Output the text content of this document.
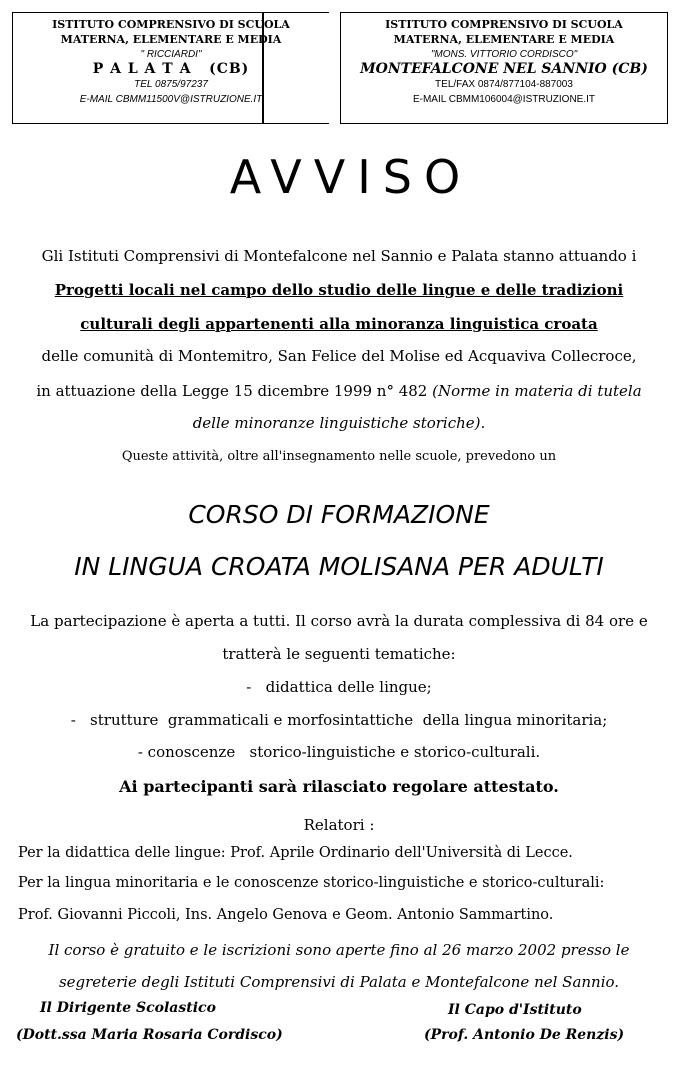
ISTITUTO COMPRENSIVO DI SCUOLA
MATERNA, ELEMENTARE E MEDIA
" RICCIARDI"
P A L A T A   (CB)
TEL 0875/97237
E-MAIL CBMM11500V@ISTRUZIONE.IT
ISTITUTO COMPRENSIVO DI SCUOLA
MATERNA, ELEMENTARE E MEDIA
"MONS. VITTORIO CORDISCO"
MONTEFALCONE NEL SANNIO (CB)
TEL/FAX 0874/877104-887003
E-MAIL CBMM106004@ISTRUZIONE.IT
AVVISO
Gli Istituti Comprensivi di Montefalcone nel Sannio e Palata stanno attuando i
Progetti locali nel campo dello studio delle lingue e delle tradizioni
culturali degli appartenenti alla minoranza linguistica croata
delle comunità di Montemitro, San Felice del Molise ed Acquaviva Collecroce,
in attuazione della Legge 15 dicembre 1999 n° 482 (Norme in materia di tutela
delle minoranze linguistiche storiche).
Queste attività, oltre all'insegnamento nelle scuole, prevedono un
CORSO DI FORMAZIONE
IN LINGUA CROATA MOLISANA PER ADULTI
La partecipazione è aperta a tutti. Il corso avrà la durata complessiva di 84 ore e
tratterà le seguenti tematiche:
-   didattica delle lingue;
-   strutture  grammaticali e morfosintattiche  della lingua minoritaria;
- conoscenze   storico-linguistiche e storico-culturali.
Ai partecipanti sarà rilasciato regolare attestato.
Relatori :
Per la didattica delle lingue: Prof. Aprile Ordinario dell'Università di Lecce.
Per la lingua minoritaria e le conoscenze storico-linguistiche e storico-culturali:
Prof. Giovanni Piccoli, Ins. Angelo Genova e Geom. Antonio Sammartino.
Il corso è gratuito e le iscrizioni sono aperte fino al 26 marzo 2002 presso le
segreterie degli Istituti Comprensivi di Palata e Montefalcone nel Sannio.
Il Dirigente Scolastico
(Dott.ssa Maria Rosaria Cordisco)
Il Capo d'Istituto
(Prof. Antonio De Renzis)
